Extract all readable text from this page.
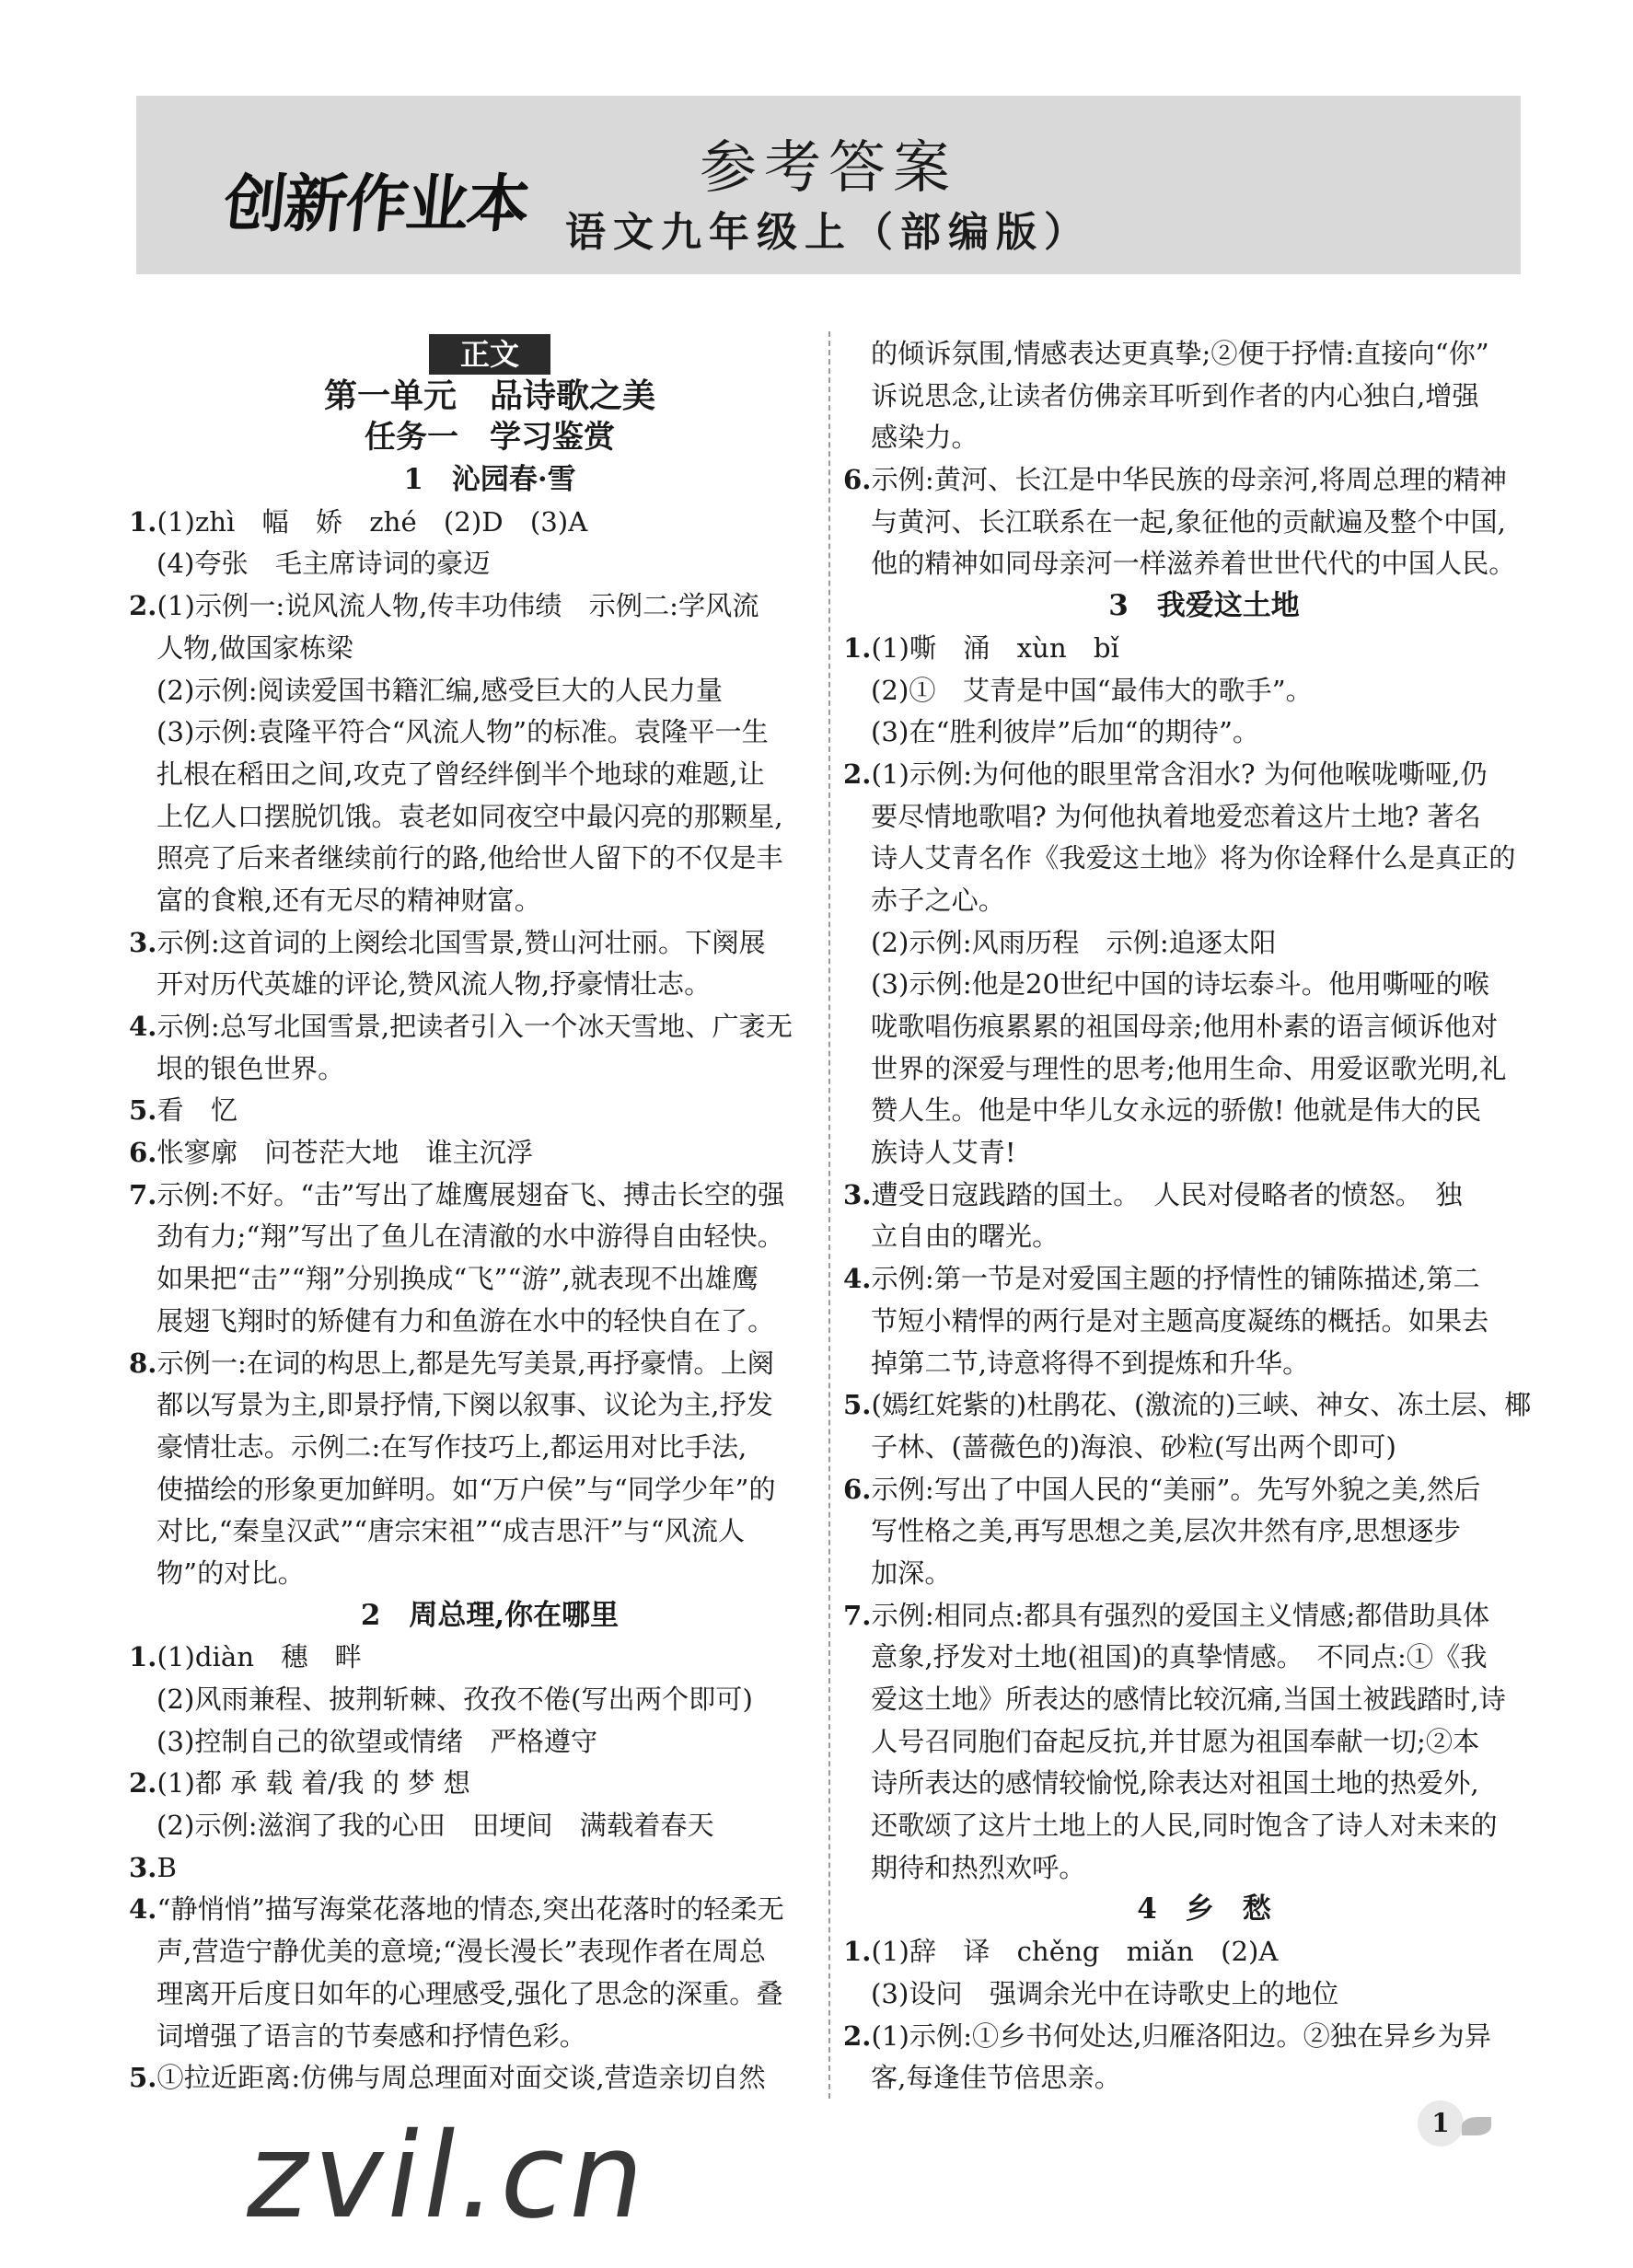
创新作业本
参考答案
语文九年级上（部编版）
正文
第一单元　品诗歌之美
任务一　学习鉴赏
1　沁园春·雪
1.(1)zhì　幅　娇　zhé　(2)D　(3)A
(4)夸张　毛主席诗词的豪迈
2.(1)示例一:说风流人物,传丰功伟绩　示例二:学风流
人物,做国家栋梁
(2)示例:阅读爱国书籍汇编,感受巨大的人民力量
(3)示例:袁隆平符合“风流人物”的标准。袁隆平一生
扎根在稻田之间,攻克了曾经绊倒半个地球的难题,让
上亿人口摆脱饥饿。袁老如同夜空中最闪亮的那颗星,
照亮了后来者继续前行的路,他给世人留下的不仅是丰
富的食粮,还有无尽的精神财富。
3.示例:这首词的上阕绘北国雪景,赞山河壮丽。下阕展
开对历代英雄的评论,赞风流人物,抒豪情壮志。
4.示例:总写北国雪景,把读者引入一个冰天雪地、广袤无
垠的银色世界。
5.看　忆
6.怅寥廓　问苍茫大地　谁主沉浮
7.示例:不好。“击”写出了雄鹰展翅奋飞、搏击长空的强
劲有力;“翔”写出了鱼儿在清澈的水中游得自由轻快。
如果把“击”“翔”分别换成“飞”“游”,就表现不出雄鹰
展翅飞翔时的矫健有力和鱼游在水中的轻快自在了。
8.示例一:在词的构思上,都是先写美景,再抒豪情。上阕
都以写景为主,即景抒情,下阕以叙事、议论为主,抒发
豪情壮志。示例二:在写作技巧上,都运用对比手法,
使描绘的形象更加鲜明。如“万户侯”与“同学少年”的
对比,“秦皇汉武”“唐宗宋祖”“成吉思汗”与“风流人
物”的对比。
2　周总理,你在哪里
1.(1)diàn　穗　畔
(2)风雨兼程、披荆斩棘、孜孜不倦(写出两个即可)
(3)控制自己的欲望或情绪　严格遵守
2.(1)都 承 载 着/我 的 梦 想
(2)示例:滋润了我的心田　田埂间　满载着春天
3.B
4.“静悄悄”描写海棠花落地的情态,突出花落时的轻柔无
声,营造宁静优美的意境;“漫长漫长”表现作者在周总
理离开后度日如年的心理感受,强化了思念的深重。叠
词增强了语言的节奏感和抒情色彩。
5.①拉近距离:仿佛与周总理面对面交谈,营造亲切自然
的倾诉氛围,情感表达更真挚;②便于抒情:直接向“你”
诉说思念,让读者仿佛亲耳听到作者的内心独白,增强
感染力。
6.示例:黄河、长江是中华民族的母亲河,将周总理的精神
与黄河、长江联系在一起,象征他的贡献遍及整个中国,
他的精神如同母亲河一样滋养着世世代代的中国人民。
3　我爱这土地
1.(1)嘶　涌　xùn　bǐ
(2)①　艾青是中国“最伟大的歌手”。
(3)在“胜利彼岸”后加“的期待”。
2.(1)示例:为何他的眼里常含泪水? 为何他喉咙嘶哑,仍
要尽情地歌唱? 为何他执着地爱恋着这片土地? 著名
诗人艾青名作《我爱这土地》将为你诠释什么是真正的
赤子之心。
(2)示例:风雨历程　示例:追逐太阳
(3)示例:他是20世纪中国的诗坛泰斗。他用嘶哑的喉
咙歌唱伤痕累累的祖国母亲;他用朴素的语言倾诉他对
世界的深爱与理性的思考;他用生命、用爱讴歌光明,礼
赞人生。他是中华儿女永远的骄傲! 他就是伟大的民
族诗人艾青!
3.遭受日寇践踏的国土。　人民对侵略者的愤怒。　独
立自由的曙光。
4.示例:第一节是对爱国主题的抒情性的铺陈描述,第二
节短小精悍的两行是对主题高度凝练的概括。如果去
掉第二节,诗意将得不到提炼和升华。
5.(嫣红姹紫的)杜鹃花、(激流的)三峡、神女、冻土层、椰
子林、(蔷薇色的)海浪、砂粒(写出两个即可)
6.示例:写出了中国人民的“美丽”。先写外貌之美,然后
写性格之美,再写思想之美,层次井然有序,思想逐步
加深。
7.示例:相同点:都具有强烈的爱国主义情感;都借助具体
意象,抒发对土地(祖国)的真挚情感。　不同点:①《我
爱这土地》所表达的感情比较沉痛,当国土被践踏时,诗
人号召同胞们奋起反抗,并甘愿为祖国奉献一切;②本
诗所表达的感情较愉悦,除表达对祖国土地的热爱外,
还歌颂了这片土地上的人民,同时饱含了诗人对未来的
期待和热烈欢呼。
4　乡　愁
1.(1)辞　译　chěng　miǎn　(2)A
(3)设问　强调余光中在诗歌史上的地位
2.(1)示例:①乡书何处达,归雁洛阳边。②独在异乡为异
客,每逢佳节倍思亲。
1
zvil.cn
